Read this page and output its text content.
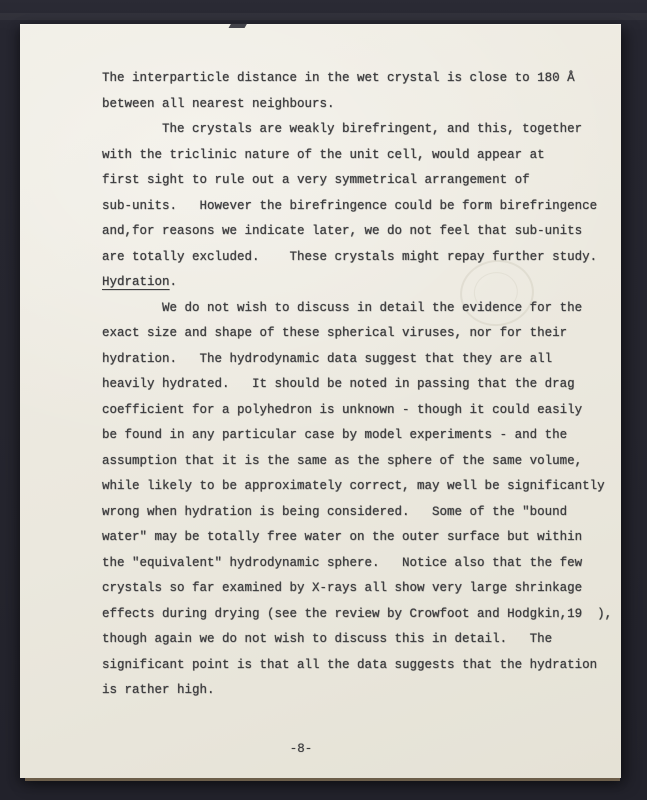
The interparticle distance in the wet crystal is close to 180 Å
between all nearest neighbours.
The crystals are weakly birefringent, and this, together
with the triclinic nature of the unit cell, would appear at
first sight to rule out a very symmetrical arrangement of
sub-units.   However the birefringence could be form birefringence
and,for reasons we indicate later, we do not feel that sub-units
are totally excluded.    These crystals might repay further study.
Hydration.
We do not wish to discuss in detail the evidence for the
exact size and shape of these spherical viruses, nor for their
hydration.   The hydrodynamic data suggest that they are all
heavily hydrated.   It should be noted in passing that the drag
coefficient for a polyhedron is unknown - though it could easily
be found in any particular case by model experiments - and the
assumption that it is the same as the sphere of the same volume,
while likely to be approximately correct, may well be significantly
wrong when hydration is being considered.   Some of the "bound
water" may be totally free water on the outer surface but within
the "equivalent" hydrodynamic sphere.   Notice also that the few
crystals so far examined by X-rays all show very large shrinkage
effects during drying (see the review by Crowfoot and Hodgkin,19  ),
though again we do not wish to discuss this in detail.   The
significant point is that all the data suggests that the hydration
is rather high.
-8-
